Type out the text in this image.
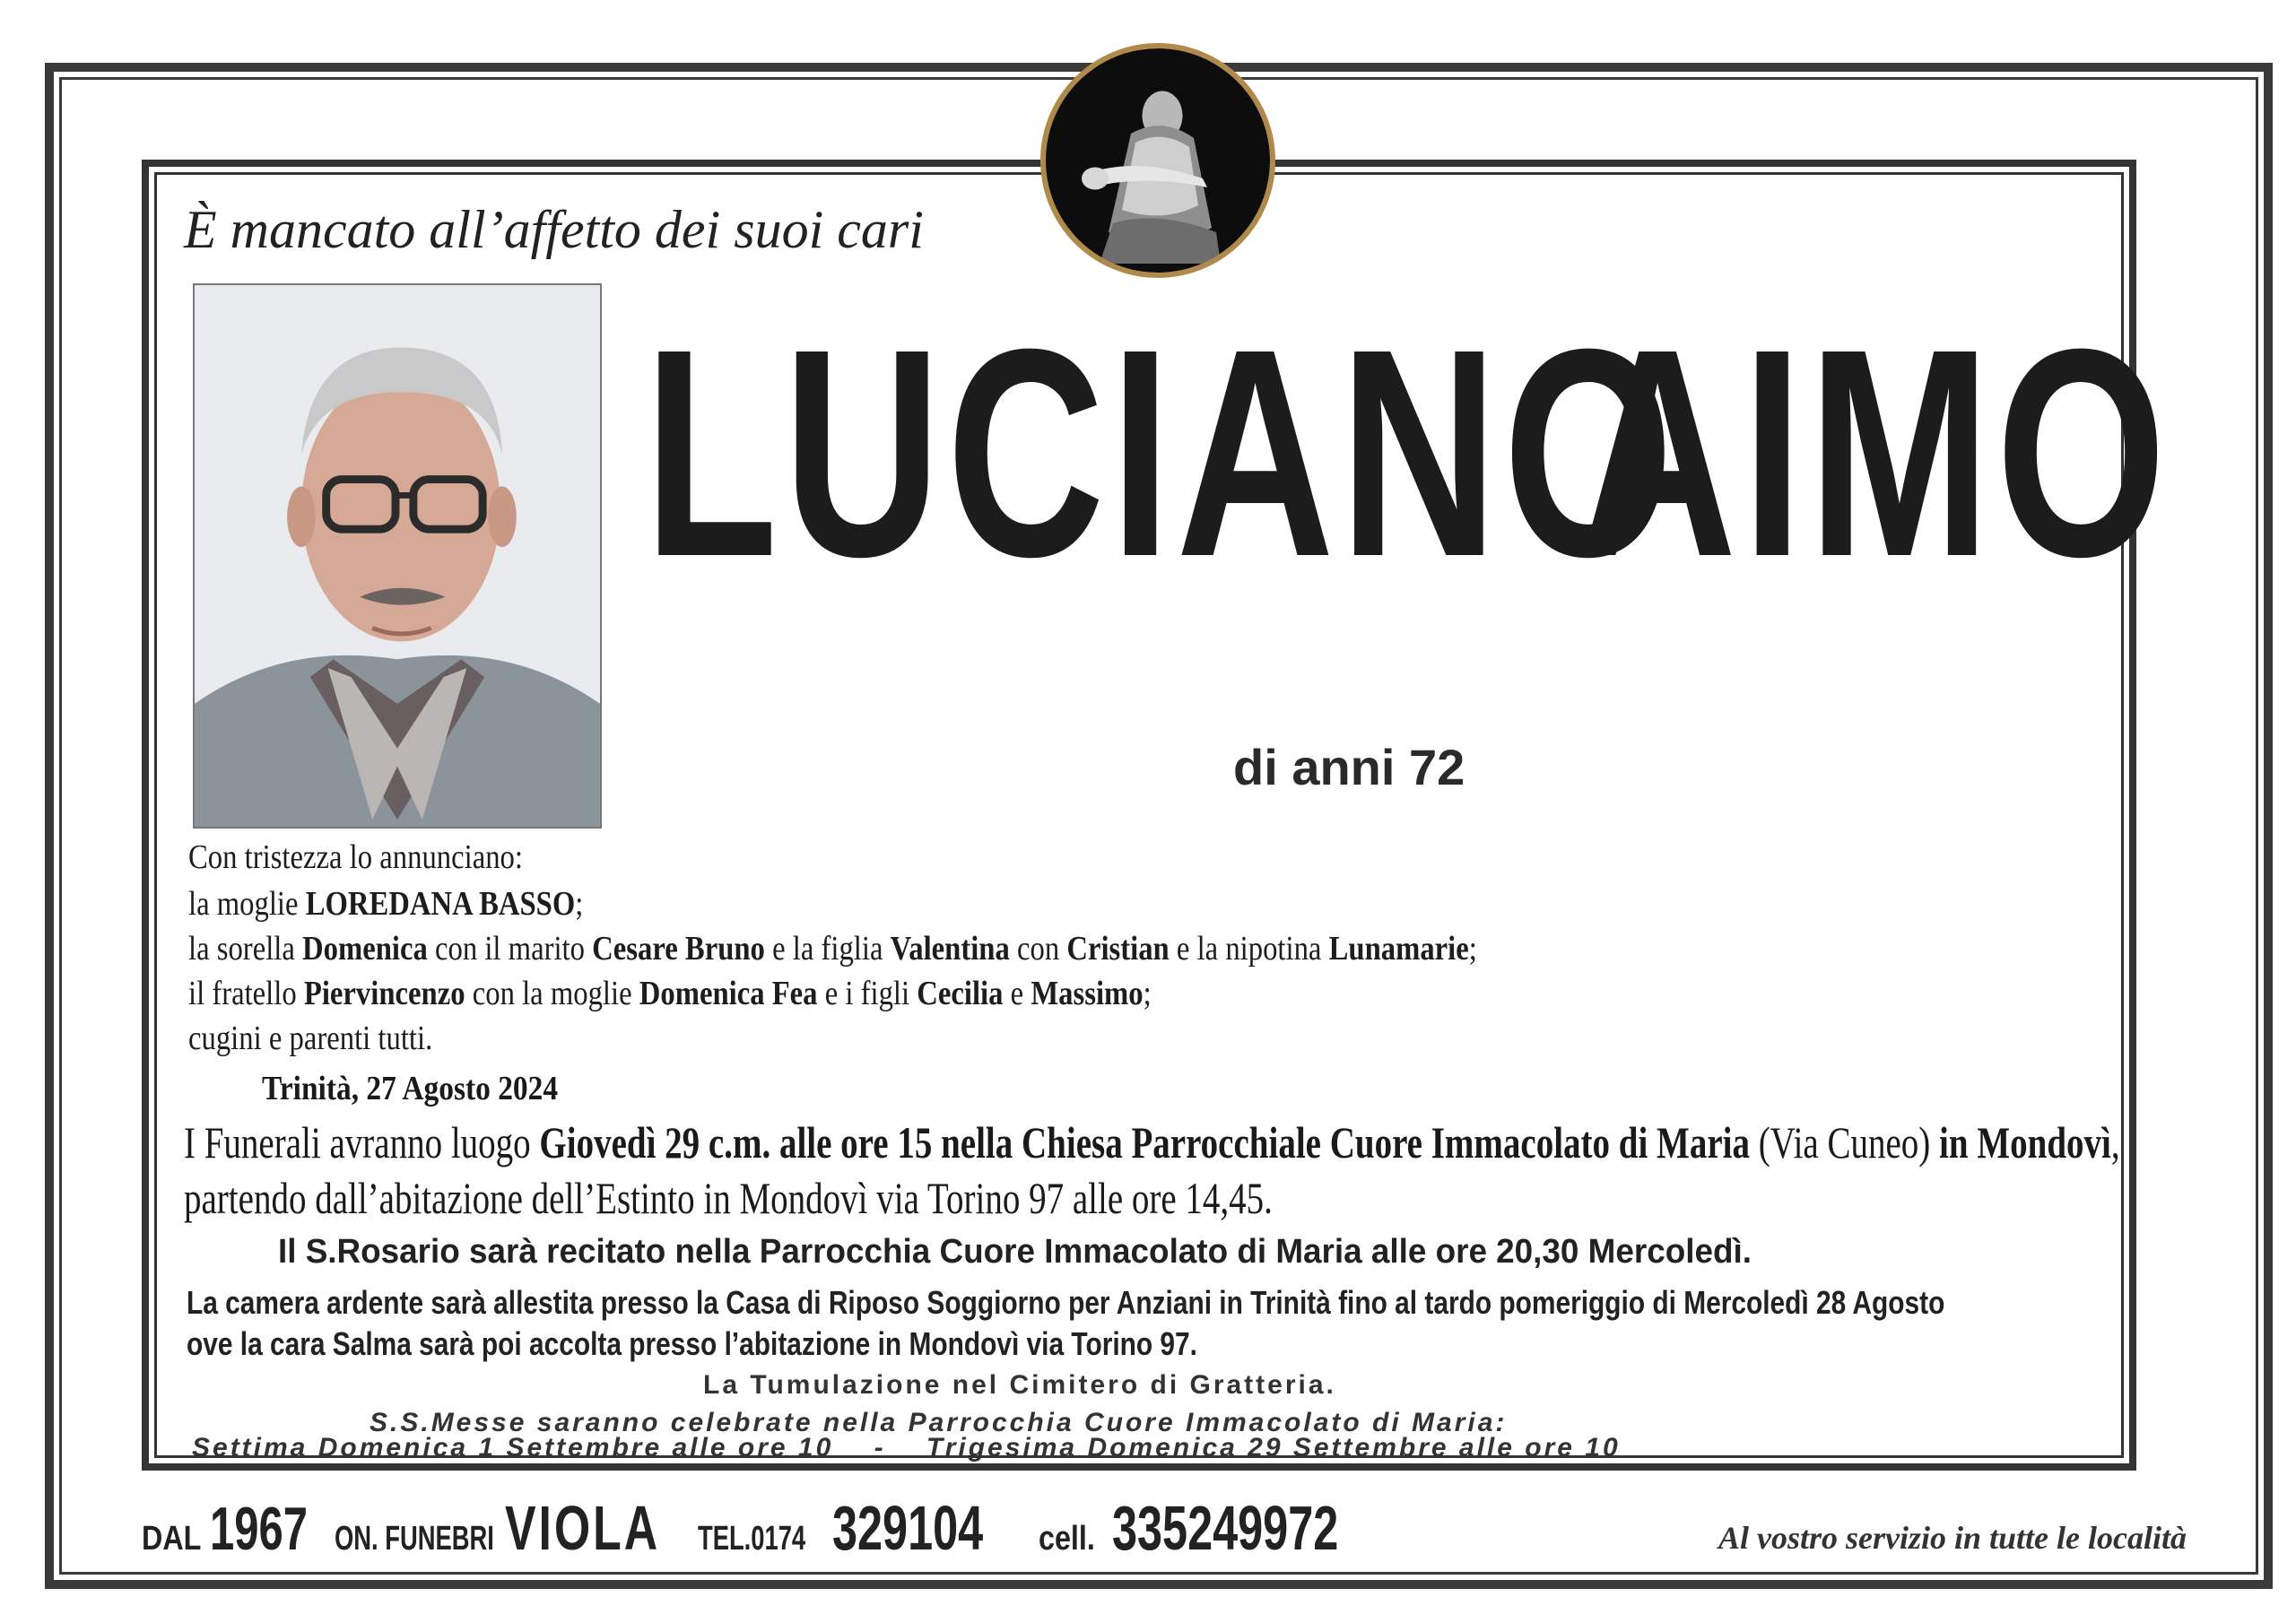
È mancato all’affetto dei suoi cari
LUCIANO
AIMO
di anni 72
Con tristezza lo annunciano:
la moglie LOREDANA BASSO;
la sorella Domenica con il marito Cesare Bruno e la figlia Valentina con Cristian e la nipotina Lunamarie;
il fratello Piervincenzo con la moglie Domenica Fea e i figli Cecilia e Massimo;
cugini e parenti tutti.
Trinità, 27 Agosto 2024
I Funerali avranno luogo Giovedì 29 c.m. alle ore 15 nella Chiesa Parrocchiale Cuore Immacolato di Maria (Via Cuneo) in Mondovì,
partendo dall’abitazione dell’Estinto in Mondovì via Torino 97 alle ore 14,45.
Il S.Rosario sarà recitato nella Parrocchia Cuore Immacolato di Maria alle ore 20,30 Mercoledì.
La camera ardente sarà allestita presso la Casa di Riposo Soggiorno per Anziani in Trinità fino al tardo pomeriggio di Mercoledì 28 Agosto
ove la cara Salma sarà poi accolta presso l’abitazione in Mondovì via Torino 97.
La Tumulazione nel Cimitero di Gratteria.
S.S.Messe saranno celebrate nella Parrocchia Cuore Immacolato di Maria:
Settima Domenica 1 Settembre alle ore 10    -    Trigesima Domenica 29 Settembre alle ore 10
DAL 1967 ON. FUNEBRI VIOLA TEL.0174 329104 cell. 335249972	Al vostro servizio in tutte le località
